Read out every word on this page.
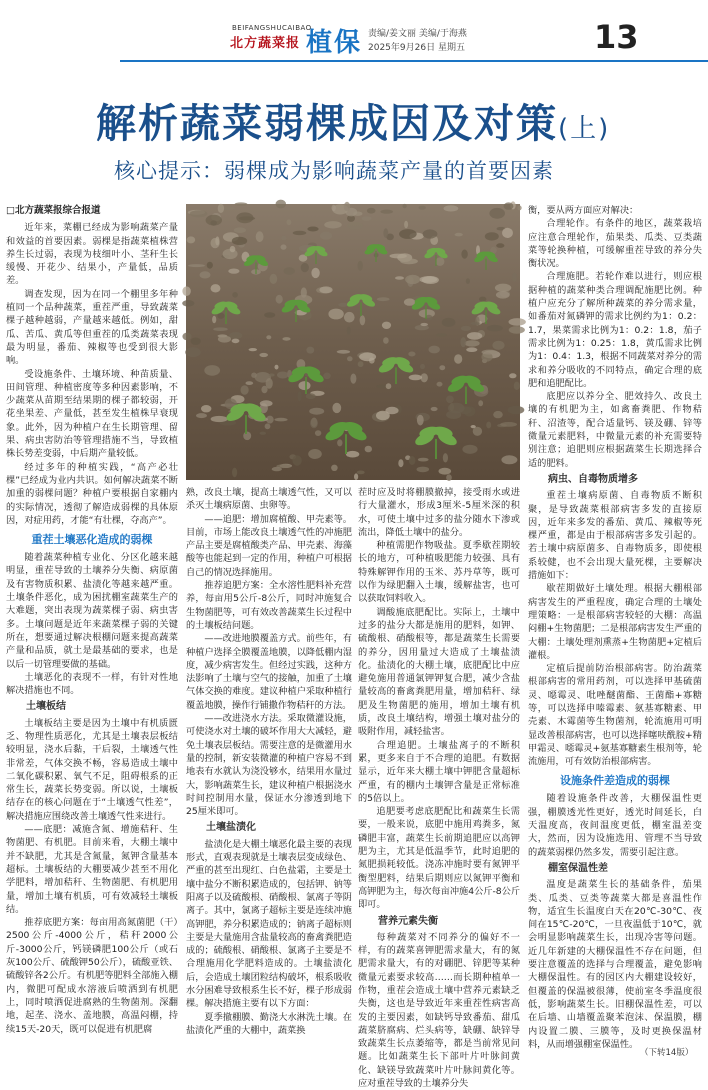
BEIFANGSHUCAIBAO
北方蔬菜报 植保 责编/姜文丽 美编/于海燕
2025年9月26日 星期五	13
解析蔬菜弱棵成因及对策(上)
核心提示：弱棵成为影响蔬菜产量的首要因素
□北方蔬菜报综合报道

近年来，菜棚已经成为影响蔬菜产量和效益的首要因素。弱棵是指蔬菜植株营养生长过弱，表现为枝细叶小、茎秆生长缓慢、开花少、结果小，产量低，品质差。

调查发现，因为在同一个棚里多年种植同一个品种蔬菜，重茬严重，导致蔬菜棵子越种越弱，产量越来越低。例如，甜瓜、苦瓜、黄瓜等但重茬的瓜类蔬菜表现最为明显，番茄、辣椒等也受到很大影响。

受设施条件、土壤环境、种苗质量、田间管理、种植密度等多种因素影响，不少蔬菜从苗期至结果期的棵子都较弱，开花坐果差、产量低，甚至发生植株早衰现象。此外，因为种植户在生长期管理、留果、病虫害防治等管理措施不当，导致植株长势差变弱，中后期产量较低。

经过多年的种植实践，“高产必壮棵”已经成为业内共识。如何解决蔬菜不断加重的弱棵问题？种植户要根据自家棚内的实际情况，透彻了解造成弱棵的具体原因，对症用药，才能“有壮棵，夺高产”。

重茬土壤恶化造成的弱棵

随着蔬菜种植专业化、分区化越来越明显，重茬导致的土壤养分失衡、病原菌及有害物质积累、盐渍化等越来越严重。土壤条件恶化，成为困扰棚室蔬菜生产的大难题，突出表现为蔬菜棵子弱、病虫害多。土壤问题是近年来蔬菜棵子弱的关键所在，想要通过解决根棚问题来提高蔬菜产量和品质，就土是最基础的要求，也是以后一切管理要做的基础。

土壤恶化的表现不一样，有针对性地解决措施也不同。

土壤板结

土壤板结主要是因为土壤中有机质匮乏、物理性质恶化，尤其是土壤表层板结较明显，浇水后黏，干后裂，土壤透气性非常差，气体交换不畅，容易造成土壤中二氧化碳积累、氧气不足，阻碍根系的正常生长，蔬菜长势变弱。所以说，土壤板结存在的核心问题在于“土壤透气性差”，解决措施应围绕改善土壤透气性来进行。

——底肥：减施含氮、增施秸秆、生物菌肥、有机肥。目前来看，大棚土壤中并不缺肥，尤其是含氮量，氮钾含量基本超标。土壤板结的大棚要减少甚至不用化学肥料，增加秸秆、生物菌肥、有机肥用量，增加土壤有机质，可有效减轻土壤板结。

推荐底肥方案：每亩用高氮菌肥（干）2500公斤-4000公斤，秸秆2000公斤-3000公斤，钙镁磷肥100公斤（或石灰100公斤、硫酸钾50公斤），硫酸亚铁、硫酸锌各2公斤。有机肥等肥料全部施入棚内，微肥可配成水溶液后喷洒到有机肥上，同时喷洒促进腐熟的生物菌剂。深翻地，起垄、浇水、盖地膜，高温闷棚，持续15天-20天，既可以促进有机肥腐

熟，改良土壤，提高土壤透气性，又可以杀灭土壤病原菌、虫卵等。

——追肥：增加腐植酸、甲壳素等。目前，市场上能改良土壤透气性的冲施肥产品主要是腐植酸类产品、甲壳素、海藻酸等也能起到一定的作用，种植户可根据自己的情况选择施用。

推荐追肥方案：全水溶性肥料补充营养，每亩用5公斤-8公斤，同时冲施复合生物菌肥等，可有效改善蔬菜生长过程中的土壤板结问题。

——改进地膜覆盖方式。前些年，有种植户选择全膜覆盖地膜，以降低棚内湿度，减少病害发生。但经过实践，这种方法影响了土壤与空气的接触，加重了土壤气体交换的难度。建议种植户采取种植行覆盖地膜，操作行铺撒作物秸秆的方法。

——改进浇水方法。采取微灌设施，可使浇水对土壤的破坏作用大大减轻，避免土壤表层板结。需要注意的是微灌用水量的控制，新安装微灌的种植户容易不到地表有水就认为浇没够水，结果用水量过大，影响蔬菜生长，建议种植户根据浇水时间控制用水量，保证水分渗透到地下25厘米即可。

土壤盐渍化

盐渍化是大棚土壤恶化最主要的表现形式，直观表现就是土壤表层变成绿色、严重的甚至出现红、白色盐霜，主要是土壤中盐分不断积累造成的，包括钾、钠等阳离子以及硫酸根、硝酸根、氯离子等阴离子。其中，氯离子超标主要是连续冲施高钾肥，养分积累造成的；钠离子超标则主要是大量施用含盐量较高的畜禽粪肥造成的；硫酸根、硝酸根、氯离子主要是不合理施用化学肥料造成的。土壤盐渍化后，会造成土壤团粒结构破坏，根系吸收水分困难导致根系生长不好，棵子形成弱棵。解决措施主要有以下方面：

夏季撤棚膜、勤浇大水淋洗土壤。在盐渍化严重的大棚中，蔬菜换

茬时应及时将棚膜撤掉，接受雨水或进行大量灌水，形成3厘米-5厘米深的积水，可使土壤中过多的盐分随水下渗或流出，降低土壤中的盐分。

种植需肥作物吸盐。夏季歇茬期较长的地方，可种植吸肥能力较强、具有特殊解钾作用的玉米、苏丹草等，既可以作为绿肥翻入土壤，缓解盐害，也可以获取饲料收入。

调酸施底肥配比。实际上，土壤中过多的盐分大都是施用的肥料，如钾、硫酸根、硝酸根等，都是蔬菜生长需要的养分，因用量过大造成了土壤盐渍化。盐渍化的大棚土壤，底肥配比中应避免施用普通氯钾钾复合肥，减少含盐量较高的畜禽粪肥用量，增加秸秆、绿肥及生物菌肥的施用，增加土壤有机质，改良土壤结构，增强土壤对盐分的吸附作用，减轻盐害。

合理追肥。土壤盐离子的不断积累，更多来自于不合理的追肥。有数据显示，近年来大棚土壤中钾肥含量超标严重，有的棚内土壤钾含量是正常标准的5倍以上。

追肥要考虑底肥配比和蔬菜生长需要，一般来说，底肥中施用鸡粪多，氮磷肥丰富，蔬菜生长前期追肥应以高钾肥为主，尤其是低温季节，此时追肥的氮肥损耗较低。浇冻冲施时要有氮钾平衡型肥料，结果后期则应以氮钾平衡和高钾肥为主，每次每亩冲施4公斤-8公斤即可。

营养元素失衡

每种蔬菜对不同养分的偏好不一样，有的蔬菜喜钾肥需求量大，有的氮肥需求量大，有的对硼肥、锌肥等某种微量元素要求较高……而长期种植单一作物，重茬会造成土壤中营养元素缺乏失衡，这也是导致近年来重茬性病害高发的主要因素，如缺钙导致番茄、甜瓜蔬菜脐腐病、烂头病等，缺硼、缺锌导致蔬菜生长点萎缩等，都是当前常见问题。比如蔬菜生长下部叶片叶脉间黄化、缺镁导致蔬菜叶片叶脉间黄化等。应对重茬导致的土壤养分失

衡，要从两方面应对解决：

合理轮作。有条件的地区，蔬菜栽培应注意合理轮作，茄果类、瓜类、豆类蔬菜等轮换种植，可缓解重茬导致的养分失衡状况。

合理施肥。若轮作难以进行，则应根据种植的蔬菜种类合理调配施肥比例。种植户应充分了解所种蔬菜的养分需求量，如番茄对氮磷钾的需求比例约为1：0.2：1.7，果菜需求比例为1：0.2：1.8，茄子需求比例为1：0.25：1.8，黄瓜需求比例为1：0.4：1.3，根据不同蔬菜对养分的需求和养分吸收的不同特点，确定合理的底肥和追肥配比。

底肥应以养分全、肥效持久、改良土壤的有机肥为主，如禽畜粪肥、作物秸秆、沼渣等，配合适量钙、镁及硼、锌等微量元素肥料，中微量元素的补充需要特别注意；追肥则应根据蔬菜生长期选择合适的肥料。

病虫、自毒物质增多

重茬土壤病原菌、自毒物质不断积聚，是导致蔬菜根部病害多发的直接原因，近年来多发的番茄、黄瓜、辣椒等死棵严重，都是由于根部病害多发引起的。若土壤中病原菌多、自毒物质多，即使根系较健，也不会出现大量死棵，主要解决措施如下：

歇茬期做好土壤处理。根据大棚根部病害发生的严重程度，确定合理的土壤处理策略：一是根部病害较轻的大棚：高温闷棚+生物菌肥；二是根部病害发生严重的大棚：土壤处理剂熏蒸+生物菌肥+定植后灌根。

定植后提前防治根部病害。防治蔬菜根部病害的常用药剂，可以选择甲基硫菌灵、噁霉灵、吡唑醚菌酯、王菌酯+寡糖等，可以选择申嗪霉素、氨基寡糖素、甲壳素、木霉菌等生物菌剂，轮流施用可明显改善根部病害，也可以选择噻呋酰胺+精甲霜灵、噁霉灵+氨基寡糖素生根剂等，轮流施用，可有效防治根部病害。

设施条件差造成的弱棵

随着设施条件改善，大棚保温性更强，棚膜透光性更好，透光时间延长，白天温度高，夜间温度更低，棚室温差变大，然而，因为设施选用、管理不当导致的蔬菜弱棵仍然多发，需要引起注意。

棚室保温性差

温度是蔬菜生长的基础条件，茄果类、瓜类、豆类等蔬菜大都是喜温性作物，适宜生长温度白天在20℃-30℃、夜间在15℃-20℃，一旦夜温低于10℃，就会明显影响蔬菜生长，出现冷害等问题。近几年新建的大棚保温性不存在问题，但要注意覆盖的选择与合理覆盖，避免影响大棚保温性。有的园区内大棚建设较好，但覆盖的保温被很薄，使前室冬季温度很低，影响蔬菜生长。旧棚保温性差，可以在后墙、山墙覆盖聚苯泡沫、保温膜，棚内设置二膜、三膜等，及时更换保温材料，从而增强棚室保温性。

（下转14版）
